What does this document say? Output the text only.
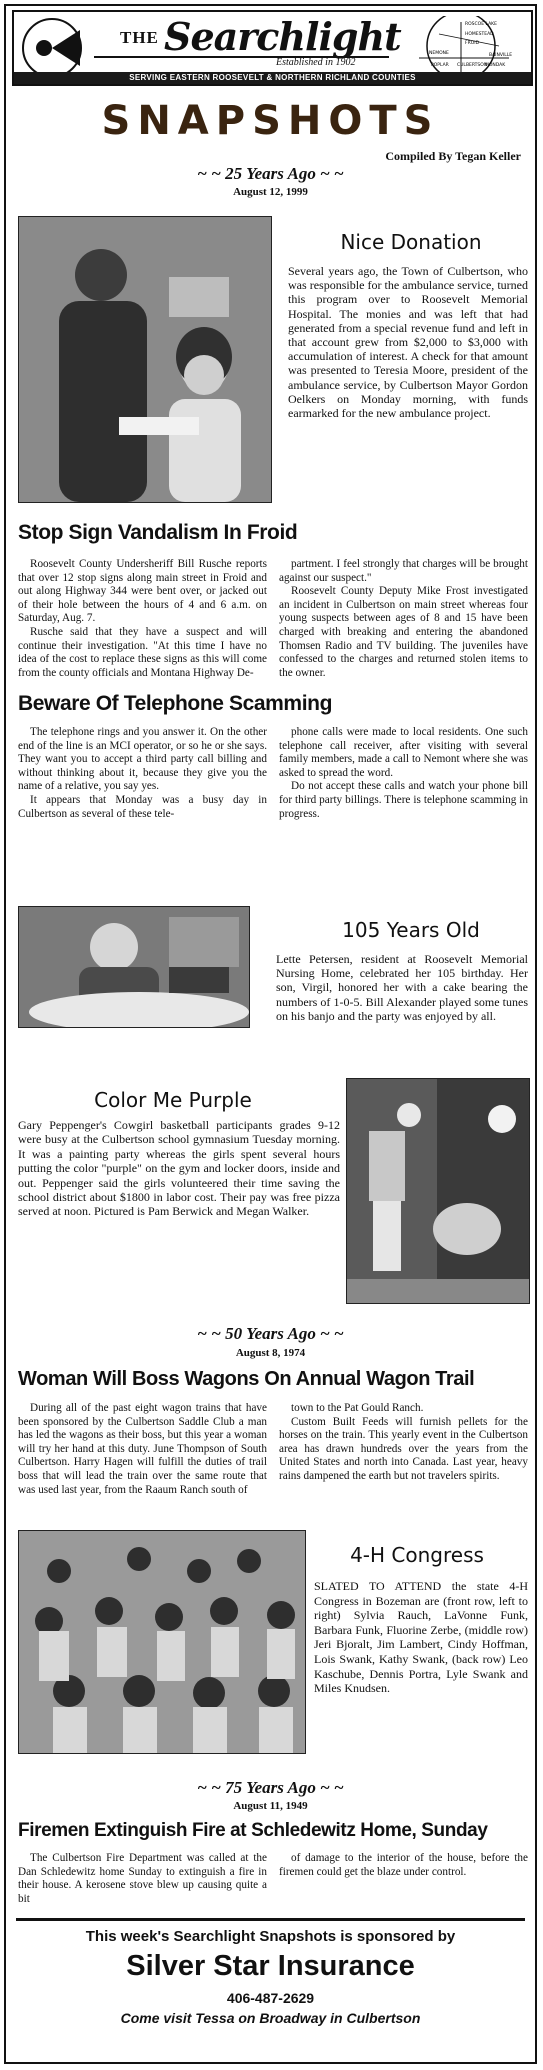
THE Searchlight
Established in 1902
ROSCOE LAKE
HOMESTEAD
FROID
BAINVILLE
CULBERTSON
MONDAK
POPLAR
NEMONE
SERVING EASTERN ROOSEVELT & NORTHERN RICHLAND COUNTIES
SNAPSHOTS
Compiled By Tegan Keller
~ ~ 25 Years Ago ~ ~
August 12, 1999
Nice Donation

Several years ago, the Town of Culbertson, who was responsible for the ambulance service, turned this program over to Roosevelt Memorial Hospital. The monies and was left that had generated from a special revenue fund and left in that account grew from $2,000 to $3,000 with accumulation of interest. A check for that amount was presented to Teresia Moore, president of the ambulance service, by Culbertson Mayor Gordon Oelkers on Monday morning, with funds earmarked for the new ambulance project.

Stop Sign Vandalism In Froid

Roosevelt County Undersheriff Bill Rusche reports that over 12 stop signs along main street in Froid and out along Highway 344 were bent over, or jacked out of their hole between the hours of 4 and 6 a.m. on Saturday, Aug. 7.

Rusche said that they have a suspect and will continue their investigation. "At this time I have no idea of the cost to replace these signs as this will come from the county officials and Montana Highway De-

partment. I feel strongly that charges will be brought against our suspect."

Roosevelt County Deputy Mike Frost investigated an incident in Culbertson on main street whereas four young suspects between ages of 8 and 15 have been charged with breaking and entering the abandoned Thomsen Radio and TV building. The juveniles have confessed to the charges and returned stolen items to the owner.

Beware Of Telephone Scamming

The telephone rings and you answer it. On the other end of the line is an MCI operator, or so he or she says. They want you to accept a third party call billing and without thinking about it, because they give you the name of a relative, you say yes.

It appears that Monday was a busy day in Culbertson as several of these tele-

phone calls were made to local residents. One such telephone call receiver, after visiting with several family members, made a call to Nemont where she was asked to spread the word.

Do not accept these calls and watch your phone bill for third party billings. There is telephone scamming in progress.

105 Years Old

Lette Petersen, resident at Roosevelt Memorial Nursing Home, celebrated her 105 birthday. Her son, Virgil, honored her with a cake bearing the numbers of 1-0-5. Bill Alexander played some tunes on his banjo and the party was enjoyed by all.

Color Me Purple

Gary Peppenger's Cowgirl basketball participants grades 9-12 were busy at the Culbertson school gymnasium Tuesday morning. It was a painting party whereas the girls spent several hours putting the color "purple" on the gym and locker doors, inside and out. Peppenger said the girls volunteered their time saving the school district about $1800 in labor cost. Their pay was free pizza served at noon. Pictured is Pam Berwick and Megan Walker.

~ ~ 50 Years Ago ~ ~
August 8, 1974
Woman Will Boss Wagons On Annual Wagon Trail

During all of the past eight wagon trains that have been sponsored by the Culbertson Saddle Club a man has led the wagons as their boss, but this year a woman will try her hand at this duty. June Thompson of South Culbertson. Harry Hagen will fulfill the duties of trail boss that will lead the train over the same route that was used last year, from the Raaum Ranch south of

town to the Pat Gould Ranch.

Custom Built Feeds will furnish pellets for the horses on the train. This yearly event in the Culbertson area has drawn hundreds over the years from the United States and north into Canada. Last year, heavy rains dampened the earth but not travelers spirits.

4-H Congress

SLATED TO ATTEND the state 4-H Congress in Bozeman are (front row, left to right) Sylvia Rauch, LaVonne Funk, Barbara Funk, Fluorine Zerbe, (middle row) Jeri Bjoralt, Jim Lambert, Cindy Hoffman, Lois Swank, Kathy Swank, (back row) Leo Kaschube, Dennis Portra, Lyle Swank and Miles Knudsen.

~ ~ 75 Years Ago ~ ~
August 11, 1949
Firemen Extinguish Fire at Schledewitz Home, Sunday

The Culbertson Fire Department was called at the Dan Schledewitz home Sunday to extinguish a fire in their house. A kerosene stove blew up causing quite a bit

of damage to the interior of the house, before the firemen could get the blaze under control.

This week's Searchlight Snapshots is sponsored by
Silver Star Insurance
406-487-2629
Come visit Tessa on Broadway in Culbertson
